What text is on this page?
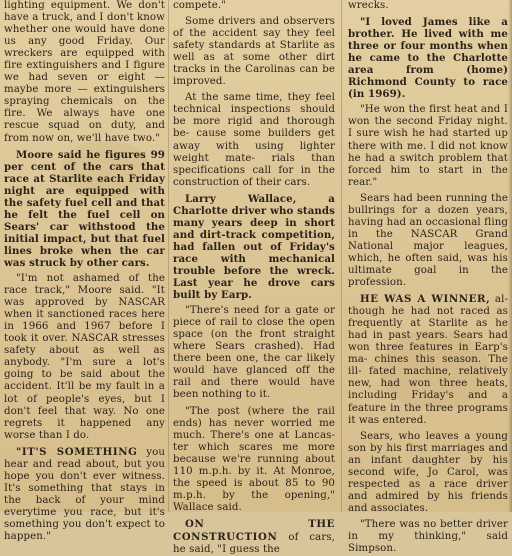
lighting equipment. We don't have a truck, and I don't know whether one would have done us any good Friday. Our wreckers are equipped with fire extinguishers and I figure we had seven or eight — maybe more — extinguishers spraying chemicals on the fire. We always have one rescue squad on duty, and from now on, we'll have two."

Moore said he figures 99 per cent of the cars that race at Starlite each Friday night are equipped with the safety fuel cell and that he felt the fuel cell on Sears' car withstood the initial impact, but that fuel lines broke when the car was struck by other cars.

"I'm not ashamed of the race track," Moore said. "It was approved by NASCAR when it sanctioned races here in 1966 and 1967 before I took it over. NASCAR stresses safety about as well as anybody. "I'm sure a lot's going to be said about the accident. It'll be my fault in a lot of people's eyes, but I don't feel that way. No one regrets it happened any worse than I do.

"IT'S SOMETHING you hear and read about, but you hope you don't ever witness. It's something that stays in the back of your mind everytime you race, but it's something you don't expect to happen."

compete."

Some drivers and observers of the accident say they feel safety standards at Starlite as well as at some other dirt tracks in the Carolinas can be improved.

At the same time, they feel technical inspections should be more rigid and thorough be- cause some builders get away with using lighter weight mate- rials than specifications call for in the construction of their cars.

Larry Wallace, a Charlotte driver who stands many years deep in short and dirt-track competition, had fallen out of Friday's race with mechanical trouble before the wreck. Last year he drove cars built by Earp.

"There's need for a gate or piece of rail to close the open space (on the front straight where Sears crashed). Had there been one, the car likely would have glanced off the rail and there would have been nothing to it.

"The post (where the rail ends) has never worried me much. There's one at Lancas- ter which scares me more because we're running about 110 m.p.h. by it. At Monroe, the speed is about 85 to 90 m.p.h. by the opening," Wallace said.

ON THE CONSTRUCTION of cars, he said, "I guess the

wrecks.

"I loved James like a brother. He lived with me three or four months when he came to the Charlotte area from (home) Richmond County to race (in 1969).

"He won the first heat and I won the second Friday night. I sure wish he had started up there with me. I did not know he had a switch problem that forced him to start in the rear."

Sears had been running the bullrings for a dozen years, having had an occasional fling in the NASCAR Grand National major leagues, which, he often said, was his ultimate goal in the profession.

HE WAS A WINNER, al- though he had not raced as frequently at Starlite as he had in past years. Sears had won three features in Earp's ma- chines this season. The ill- fated machine, relatively new, had won three heats, including Friday's and a feature in the three programs it was entered.

Sears, who leaves a young son by his first marriages and an infant daughter by his second wife, Jo Carol, was respected as a race driver and admired by his friends and associates.

"There was no better driver in my thinking," said Simpson.
